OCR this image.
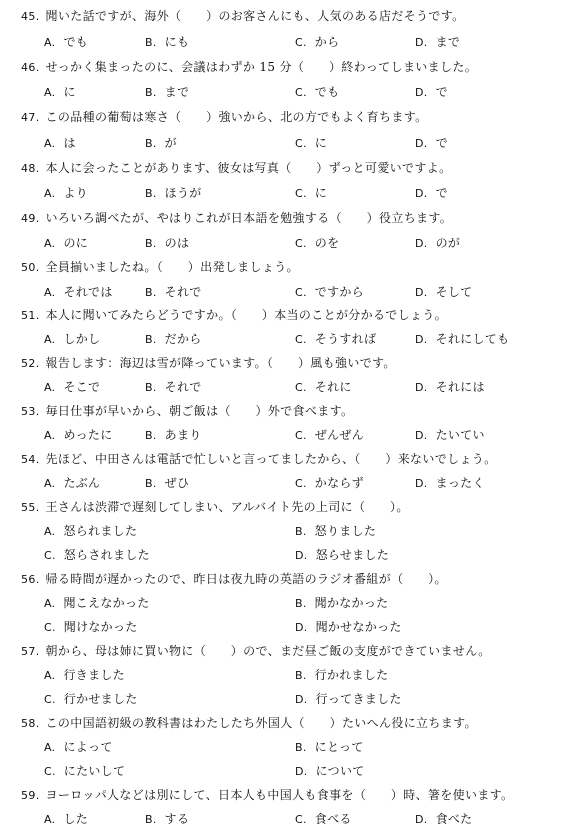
45. 聞いた話ですが、海外（　　）のお客さんにも、人気のある店だそうです。
A. でも	B. にも	C. から	D. まで
46. せっかく集まったのに、会議はわずか 15 分（　　）終わってしまいました。
A. に	B. まで	C. でも	D. で
47. この品種の葡萄は寒さ（　　）強いから、北の方でもよく育ちます。
A. は	B. が	C. に	D. で
48. 本人に会ったことがあります、彼女は写真（　　）ずっと可愛いですよ。
A. より	B. ほうが	C. に	D. で
49. いろいろ調べたが、やはりこれが日本語を勉強する（　　）役立ちます。
A. のに	B. のは	C. のを	D. のが
50. 全員揃いましたね。（　　）出発しましょう。
A. それでは	B. それで	C. ですから	D. そして
51. 本人に聞いてみたらどうですか。（　　）本当のことが分かるでしょう。
A. しかし	B. だから	C. そうすれば	D. それにしても
52. 報告します：海辺は雪が降っています。（　　）風も強いです。
A. そこで	B. それで	C. それに	D. それには
53. 毎日仕事が早いから、朝ご飯は（　　）外で食べます。
A. めったに	B. あまり	C. ぜんぜん	D. たいてい
54. 先ほど、中田さんは電話で忙しいと言ってましたから、（　　）来ないでしょう。
A. たぶん	B. ぜひ	C. かならず	D. まったく
55. 王さんは渋滞で遅刻してしまい、アルバイト先の上司に（　　）。
A. 怒られました	B. 怒りました
C. 怒らされました	D. 怒らせました
56. 帰る時間が遅かったので、昨日は夜九時の英語のラジオ番組が（　　）。
A. 聞こえなかった	B. 聞かなかった
C. 聞けなかった	D. 聞かせなかった
57. 朝から、母は姉に買い物に（　　）ので、まだ昼ご飯の支度ができていません。
A. 行きました	B. 行かれました
C. 行かせました	D. 行ってきました
58. この中国語初級の教科書はわたしたち外国人（　　）たいへん役に立ちます。
A. によって	B. にとって
C. にたいして	D. について
59. ヨーロッパ人などは別にして、日本人も中国人も食事を（　　）時、箸を使います。
A. した	B. する	C. 食べる	D. 食べた
